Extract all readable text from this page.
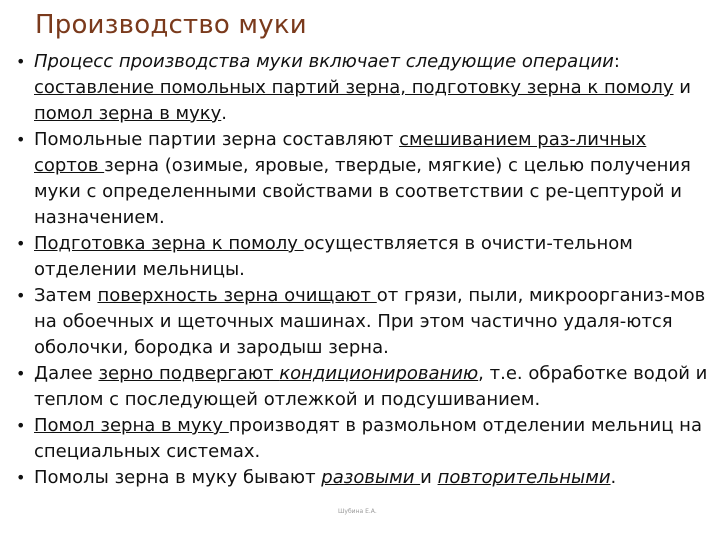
Производство муки

• Процесс производства муки включает следующие операции: составление помольных партий зерна, подготовку зерна к помолу и помол зерна в муку.

• Помольные партии зерна составляют смешиванием раз-личных сортов зерна (озимые, яровые, твердые, мягкие) с целью получения муки с определенными свойствами в соответствии с ре-цептурой и назначением.

• Подготовка зерна к помолу осуществляется в очисти-тельном отделении мельницы.

• Затем поверхность зерна очищают от грязи, пыли, микроорганиз-мов на обоечных и щеточных машинах. При этом частично удаля-ются оболочки, бородка и зародыш зерна.

• Далее зерно подвергают кондиционированию, т.е. обработке водой и теплом с последующей отлежкой и подсушиванием.

• Помол зерна в муку производят в размольном отделении мельниц на специальных системах.

• Помолы зерна в муку бывают разовыми и повторительными.

Шубина Е.А.
